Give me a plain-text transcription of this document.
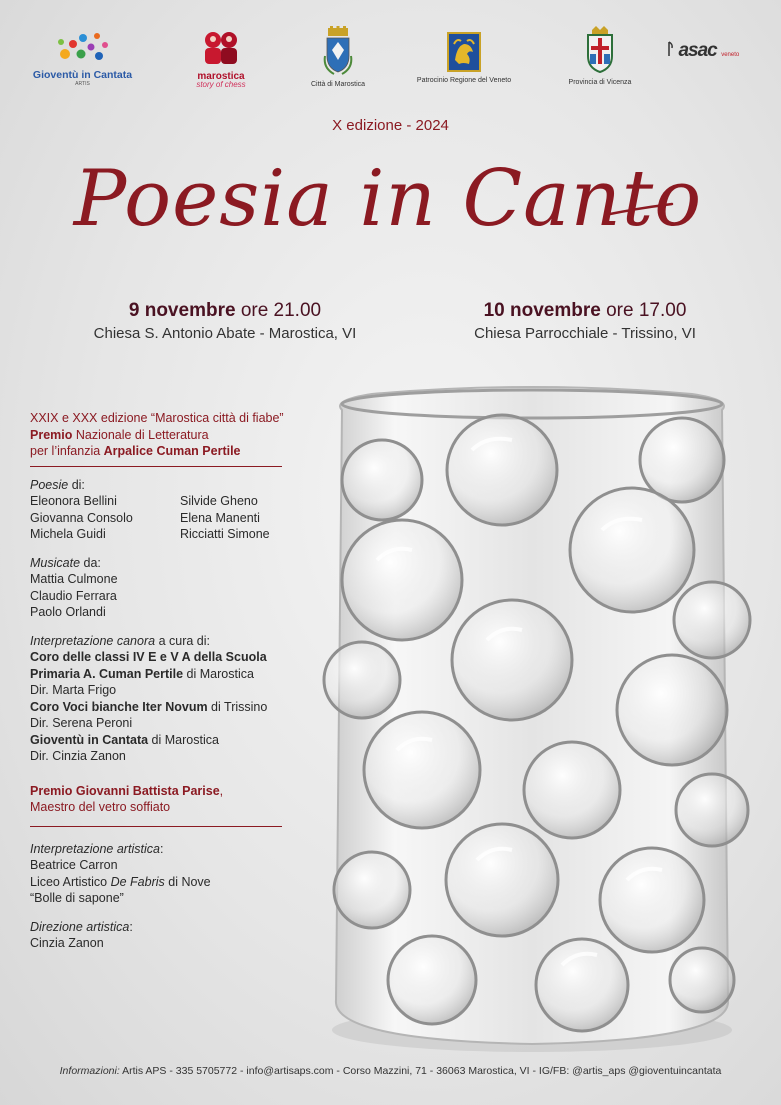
Gioventù in Cantata
ARTIS
marostica
story of chess	Città di Marostica
Patrocinio Regione del Veneto	Provincia di Vicenza
asac veneto
X edizione - 2024
Poesia in Canto
9 novembre ore 21.00
Chiesa S. Antonio Abate - Marostica, VI
10 novembre ore 17.00
Chiesa Parrocchiale - Trissino, VI
XXIX e XXX edizione “Marostica città di fiabe”
Premio Nazionale di Letteratura
per l’infanzia Arpalice Cuman Pertile
Poesie di:
Eleonora Bellini
Giovanna Consolo
Michela Guidi
Silvide Gheno
Elena Manenti
Ricciatti Simone
Musicate da:
Mattia Culmone
Claudio Ferrara
Paolo Orlandi
Interpretazione canora a cura di:
Coro delle classi IV E e V A della Scuola
Primaria A. Cuman Pertile di Marostica
Dir. Marta Frigo
Coro Voci bianche Iter Novum di Trissino
Dir. Serena Peroni
Gioventù in Cantata di Marostica
Dir. Cinzia Zanon
Premio Giovanni Battista Parise,
Maestro del vetro soffiato
Interpretazione artistica:
Beatrice Carron
Liceo Artistico De Fabris di Nove
“Bolle di sapone”
Direzione artistica:
Cinzia Zanon
Informazioni: Artis APS - 335 5705772 - info@artisaps.com - Corso Mazzini, 71 - 36063 Marostica, VI - IG/FB: @artis_aps @gioventuincantata
